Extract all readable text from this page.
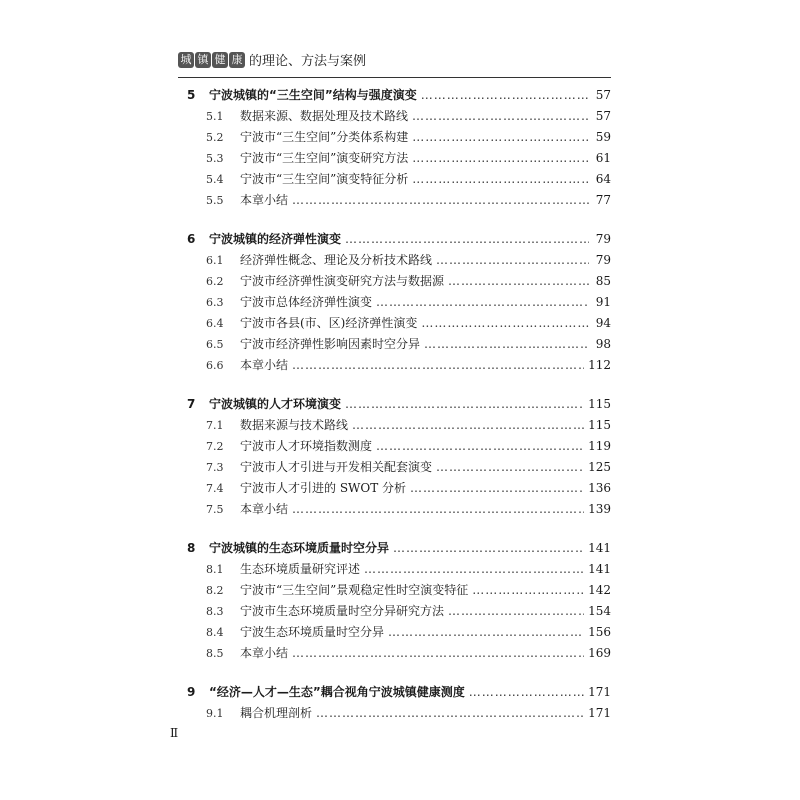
城 镇 健 康 的理论、方法与案例
5	宁波城镇的“三生空间”结构与强度演变 ……………………………………………………………………………………………………………………………………	57
5.1	数据来源、数据处理及技术路线 ……………………………………………………………………………………………………………………………………	57
5.2	宁波市“三生空间”分类体系构建 ……………………………………………………………………………………………………………………………………	59
5.3	宁波市“三生空间”演变研究方法 ……………………………………………………………………………………………………………………………………	61
5.4	宁波市“三生空间”演变特征分析 ……………………………………………………………………………………………………………………………………	64
5.5	本章小结 ……………………………………………………………………………………………………………………………………	77
6	宁波城镇的经济弹性演变 ……………………………………………………………………………………………………………………………………	79
6.1	经济弹性概念、理论及分析技术路线 ……………………………………………………………………………………………………………………………………	79
6.2	宁波市经济弹性演变研究方法与数据源 ……………………………………………………………………………………………………………………………………	85
6.3	宁波市总体经济弹性演变 ……………………………………………………………………………………………………………………………………	91
6.4	宁波市各县(市、区)经济弹性演变 ……………………………………………………………………………………………………………………………………	94
6.5	宁波市经济弹性影响因素时空分异 ……………………………………………………………………………………………………………………………………	98
6.6	本章小结 ……………………………………………………………………………………………………………………………………	112
7	宁波城镇的人才环境演变 ……………………………………………………………………………………………………………………………………	115
7.1	数据来源与技术路线 ……………………………………………………………………………………………………………………………………	115
7.2	宁波市人才环境指数测度 ……………………………………………………………………………………………………………………………………	119
7.3	宁波市人才引进与开发相关配套演变 ……………………………………………………………………………………………………………………………………	125
7.4	宁波市人才引进的 SWOT 分析 ……………………………………………………………………………………………………………………………………	136
7.5	本章小结 ……………………………………………………………………………………………………………………………………	139
8	宁波城镇的生态环境质量时空分异 ……………………………………………………………………………………………………………………………………	141
8.1	生态环境质量研究评述 ……………………………………………………………………………………………………………………………………	141
8.2	宁波市“三生空间”景观稳定性时空演变特征 ……………………………………………………………………………………………………………………………………	142
8.3	宁波市生态环境质量时空分异研究方法 ……………………………………………………………………………………………………………………………………	154
8.4	宁波生态环境质量时空分异 ……………………………………………………………………………………………………………………………………	156
8.5	本章小结 ……………………………………………………………………………………………………………………………………	169
9	“经济—人才—生态”耦合视角宁波城镇健康测度 ……………………………………………………………………………………………………………………………………	171
9.1	耦合机理剖析 ……………………………………………………………………………………………………………………………………	171
Ⅱ
